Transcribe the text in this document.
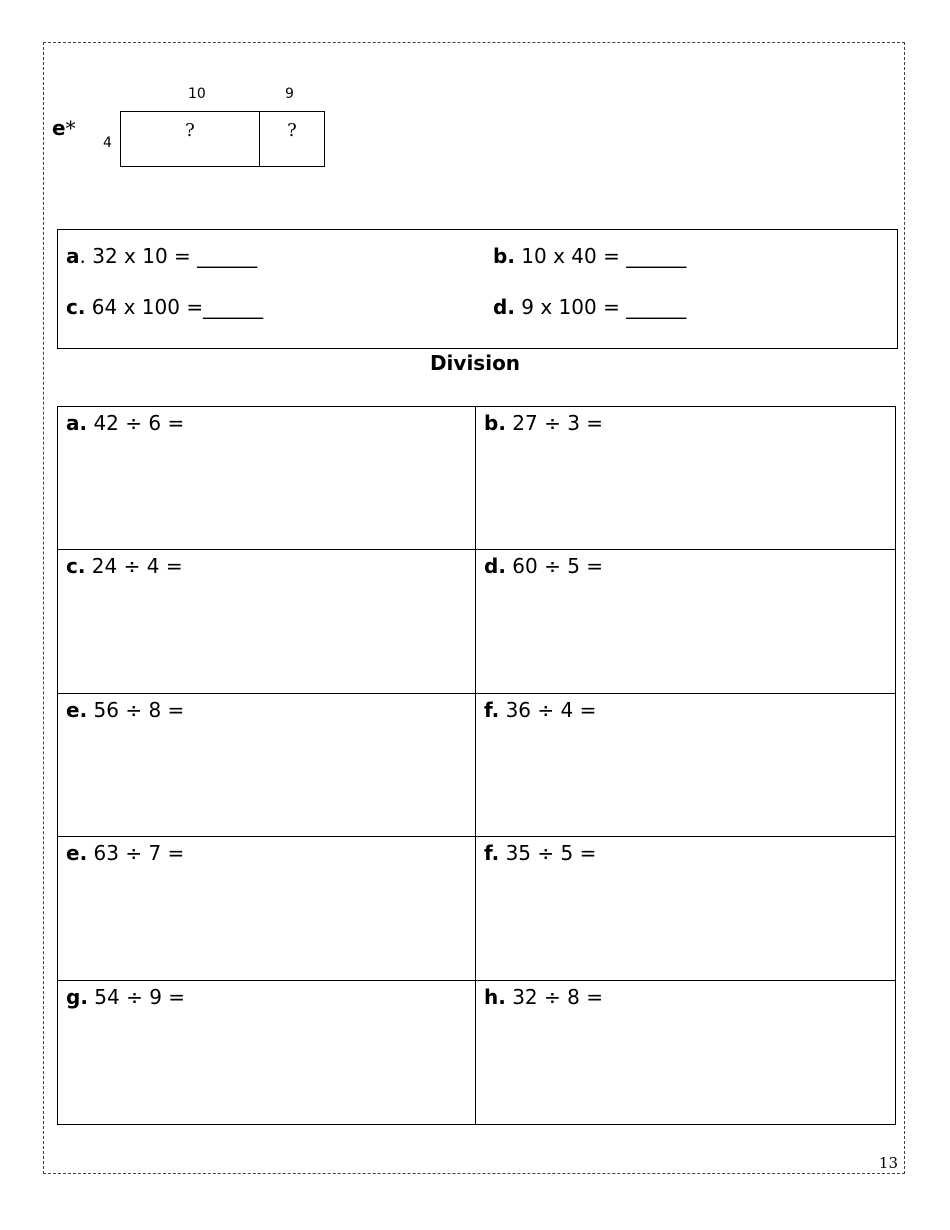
10	9
e*
4
?	?
a. 32 x 10 = ______	b. 10 x 40 = ______
c. 64 x 100 =______	d. 9 x 100 = ______
Division
a. 42 ÷ 6 =	b. 27 ÷ 3 =
c. 24 ÷ 4 =	d. 60 ÷ 5 =
e. 56 ÷ 8 =	f. 36 ÷ 4 =
e. 63 ÷ 7 =	f. 35 ÷ 5 =
g. 54 ÷ 9 =	h. 32 ÷ 8 =
13
